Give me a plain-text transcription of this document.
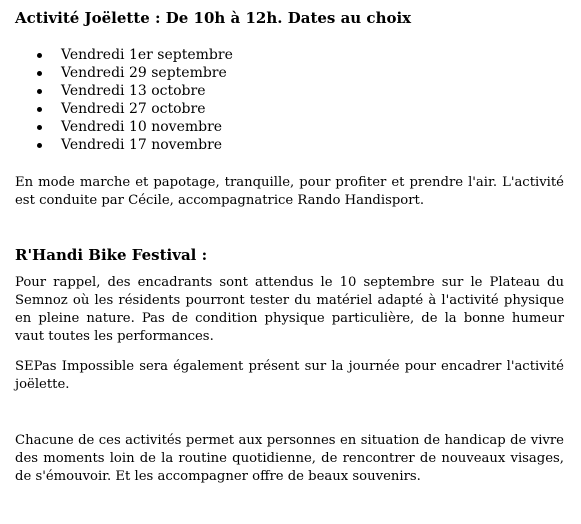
Activité Joëlette : De 10h à 12h. Dates au choix
Vendredi 1er septembre
Vendredi 29 septembre
Vendredi 13 octobre
Vendredi 27 octobre
Vendredi 10 novembre
Vendredi 17 novembre

En mode marche et papotage, tranquille, pour profiter et prendre l'air. L'activité est conduite par Cécile, accompagnatrice Rando Handisport.

R'Handi Bike Festival :

Pour rappel, des encadrants sont attendus le 10 septembre sur le Plateau du Semnoz où les résidents pourront tester du matériel adapté à l'activité physique en pleine nature. Pas de condition physique particulière, de la bonne humeur vaut toutes les performances.

SEPas Impossible sera également présent sur la journée pour encadrer l'activité joëlette.

Chacune de ces activités permet aux personnes en situation de handicap de vivre des moments loin de la routine quotidienne, de rencontrer de nouveaux visages, de s'émouvoir. Et les accompagner offre de beaux souvenirs.
